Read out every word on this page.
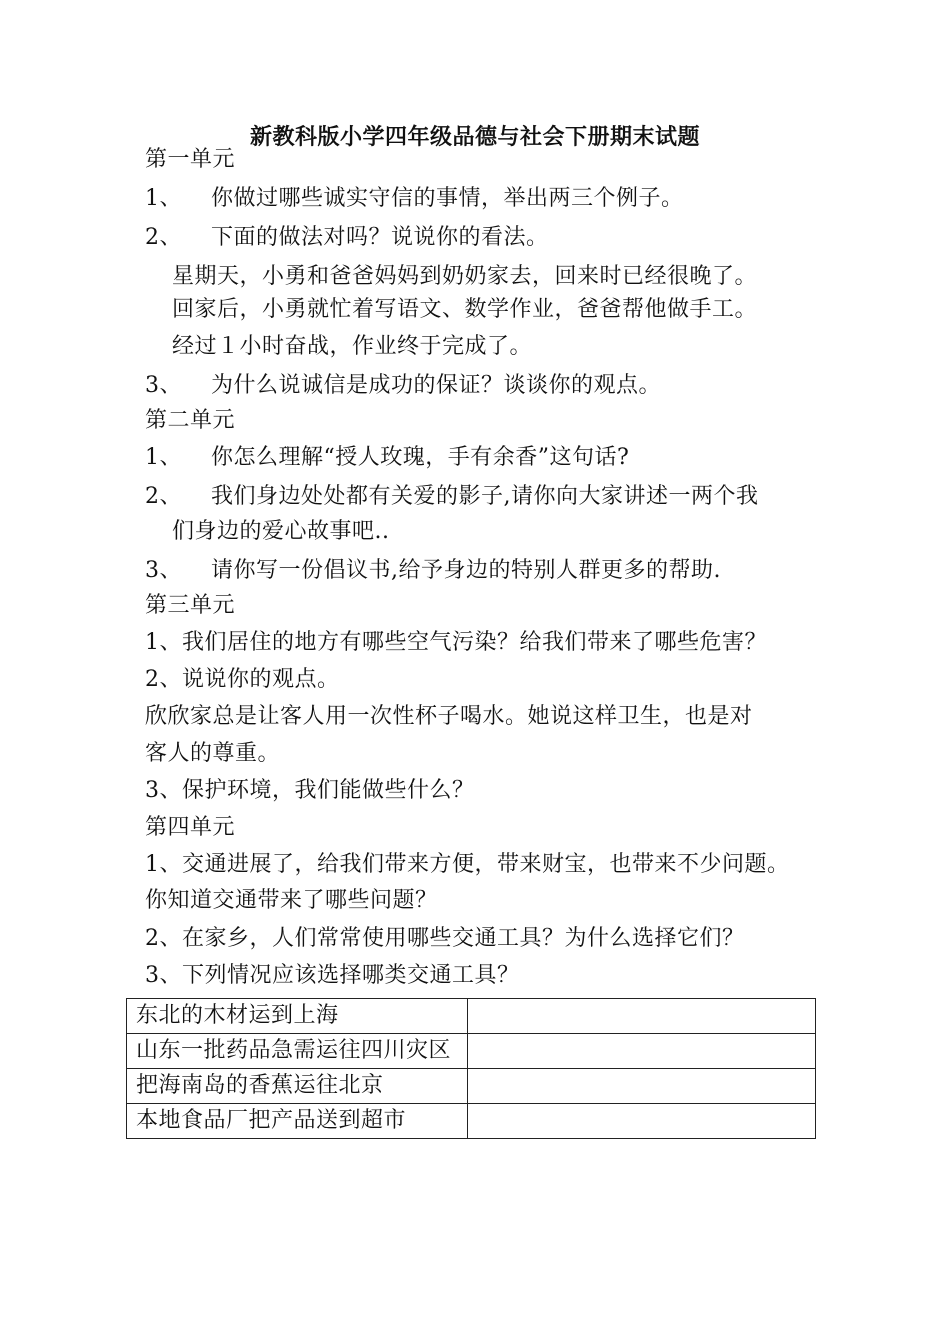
新教科版小学四年级品德与社会下册期末试题
第一单元
1、 你做过哪些诚实守信的事情，举出两三个例子。
2、 下面的做法对吗？说说你的看法。
星期天，小勇和爸爸妈妈到奶奶家去，回来时已经很晚了。
回家后，小勇就忙着写语文、数学作业，爸爸帮他做手工。
经过１小时奋战，作业终于完成了。
3、 为什么说诚信是成功的保证？谈谈你的观点。
第二单元
1、 你怎么理解“授人玫瑰，手有余香”这句话?
2、 我们身边处处都有关爱的影子,请你向大家讲述一两个我
们身边的爱心故事吧..
3、 请你写一份倡议书,给予身边的特别人群更多的帮助.
第三单元
1、我们居住的地方有哪些空气污染？给我们带来了哪些危害？
2、说说你的观点。
欣欣家总是让客人用一次性杯子喝水。她说这样卫生，也是对
客人的尊重。
3、保护环境，我们能做些什么？
第四单元
1、交通进展了，给我们带来方便，带来财宝，也带来不少问题。
你知道交通带来了哪些问题？
2、在家乡，人们常常使用哪些交通工具？为什么选择它们？
3、下列情况应该选择哪类交通工具？
东北的木材运到上海	
山东一批药品急需运往四川灾区	
把海南岛的香蕉运往北京	
本地食品厂把产品送到超市	
